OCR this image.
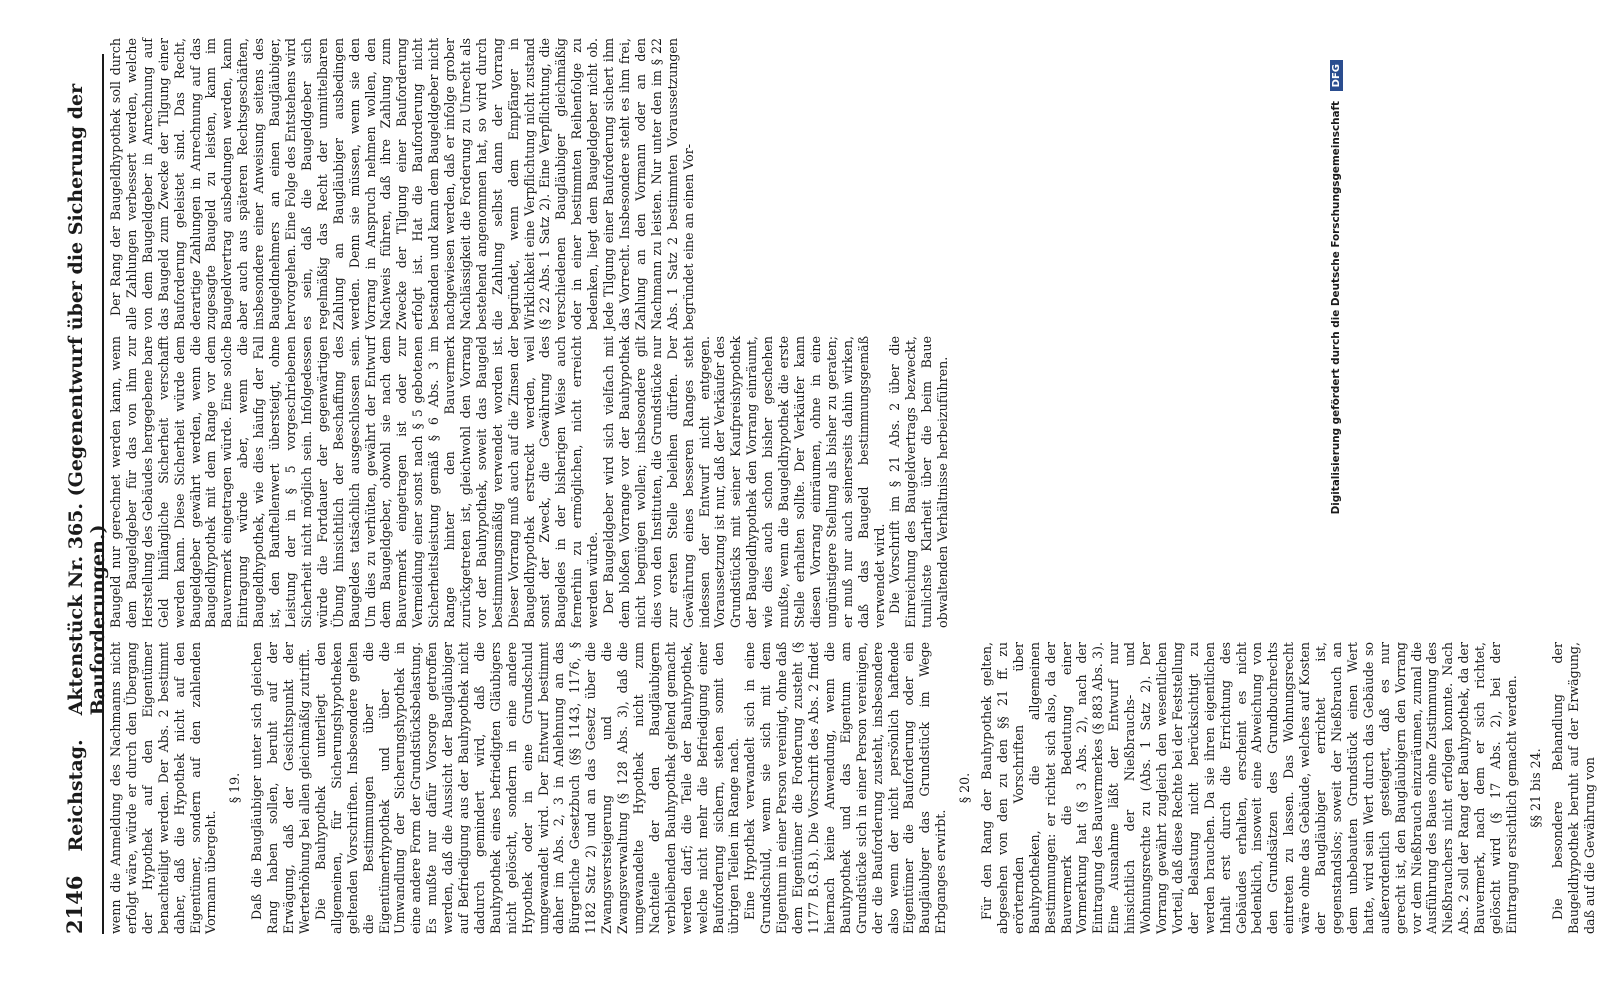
2146
Reichstag.
Aktenstück Nr. 365. (Gegenentwurf über die Sicherung der Bauforderungen.)

wenn die Anmeldung des Nachmanns nicht erfolgt wäre, würde er durch den Übergang der Hypothek auf den Eigentümer benachteiligt werden. Der Abs. 2 bestimmt daher, daß die Hypothek nicht auf den Eigentümer, sondern auf den zahlenden Vormann übergeht.

§ 19. Daß die Baugläubiger unter sich gleichen Rang haben sollen, beruht auf der Erwägung, daß der Gesichtspunkt der Werterhöhung bei allen gleichmäßig zutrifft. Die Bauhypothek unterliegt den allgemeinen, für Sicherungshypotheken geltenden Vorschriften. Insbesondere gelten die Bestimmungen über die Eigentümerhypothek und über die Umwandlung der Sicherungshypothek in eine andere Form der Grundstücksbelastung. Es mußte nur dafür Vorsorge getroffen werden, daß die Aussicht der Baugläubiger auf Befriedigung aus der Bauhypothek nicht dadurch gemindert wird, daß die Bauhypothek eines befriedigten Gläubigers nicht gelöscht, sondern in eine andere Hypothek oder in eine Grundschuld umgewandelt wird. Der Entwurf bestimmt daher im Abs. 2, 3 in Anlehnung an das Bürgerliche Gesetzbuch (§§ 1143, 1176, § 1182 Satz 2) und an das Gesetz über die Zwangsversteigerung und die Zwangsverwaltung (§ 128 Abs. 3), daß die umgewandelte Hypothek nicht zum Nachteile der den Baugläubigern verbleibenden Bauhypothek geltend gemacht werden darf; die Teile der Bauhypothek, welche nicht mehr die Befriedigung einer Bauforderung sichern, stehen somit den übrigen Teilen im Range nach. Eine Hypothek verwandelt sich in eine Grundschuld, wenn sie sich mit dem Eigentum in einer Person vereinigt, ohne daß dem Eigentümer die Forderung zusteht (§ 1177 B.G.B.). Die Vorschrift des Abs. 2 findet hiernach keine Anwendung, wenn die Bauhypothek und das Eigentum am Grundstücke sich in einer Person vereinigen, der die Bauforderung zusteht, insbesondere also wenn der nicht persönlich haftende Eigentümer die Bauforderung oder ein Baugläubiger das Grundstück im Wege Erbganges erwirbt.

§ 20. Für den Rang der Bauhypothek gelten, abgesehen von den zu den §§ 21 ff. zu erörternden Vorschriften über Bauhypotheken, die allgemeinen Bestimmungen: er richtet sich also, da der Bauvermerk die Bedeutung einer Vormerkung hat (§ 3 Abs. 2), nach der Eintragung des Bauvermerkes (§ 883 Abs. 3). Eine Ausnahme läßt der Entwurf nur hinsichtlich der Nießbrauchs- und Wohnungsrechte zu (Abs. 1 Satz 2). Der Vorrang gewährt zugleich den wesentlichen Vorteil, daß diese Rechte bei der Feststellung der Belastung nicht berücksichtigt zu werden brauchen. Da sie ihren eigentlichen Inhalt erst durch die Errichtung des Gebäudes erhalten, erscheint es nicht bedenklich, insoweit eine Abweichung von den Grundsätzen des Grundbuchrechts eintreten zu lassen. Das Wohnungsrecht wäre ohne das Gebäude, welches auf Kosten der Baugläubiger errichtet ist, gegenstandslos; soweit der Nießbrauch an dem unbebauten Grundstück einen Wert hatte, wird sein Wert durch das Gebäude so außerordentlich gesteigert, daß es nur gerecht ist, den Baugläubigern den Vorrang vor dem Nießbrauch einzuräumen, zumal die Ausführung des Baues ohne Zustimmung des Nießbrauchers nicht erfolgen konnte. Nach Abs. 2 soll der Rang der Bauhypothek, da der Bauvermerk, nach dem er sich richtet, gelöscht wird (§ 17 Abs. 2), bei der Eintragung ersichtlich gemacht werden. §§ 21 bis 24. Die besondere Behandlung der Baugeldhypothek beruht auf der Erwägung, daß auf die Gewährung von

Baugeld nur gerechnet werden kann, wenn dem Baugeldgeber für das von ihm zur Herstellung des Gebäudes hergegebene bare Geld hinlängliche Sicherheit verschafft werden kann. Diese Sicherheit würde dem Baugeldgeber gewährt werden, wenn die Baugeldhypothek mit dem Range vor dem Bauvermerk eingetragen würde. Eine solche Eintragung würde aber, wenn die Baugeldhypothek, wie dies häufig der Fall ist, den Bauftellenwert übersteigt, ohne Leistung der in § 5 vorgeschriebenen Sicherheit nicht möglich sein. Infolgedessen würde die Fortdauer der gegenwärtigen Übung hinsichtlich der Beschaffung des Baugeldes tatsächlich ausgeschlossen sein. Um dies zu verhüten, gewährt der Entwurf dem Baugeldgeber, obwohl sie nach dem Bauvermerk eingetragen ist oder zur Vermeidung einer sonst nach § 5 gebotenen Sicherheitsleistung gemäß § 6 Abs. 3 im Range hinter den Bauvermerk zurückgetreten ist, gleichwohl den Vorrang vor der Bauhypothek, soweit das Baugeld bestimmungsmäßig verwendet worden ist. Dieser Vorrang muß auch auf die Zinsen der Baugeldhypothek erstreckt werden, weil sonst der Zweck, die Gewährung des Baugeldes in der bisherigen Weise auch fernerhin zu ermöglichen, nicht erreicht werden würde. Der Baugeldgeber wird sich vielfach mit dem bloßen Vorrange vor der Bauhypothek nicht begnügen wollen; insbesondere gilt dies von den Instituten, die Grundstücke nur zur ersten Stelle beleihen dürfen. Der Gewährung eines besseren Ranges steht indessen der Entwurf nicht entgegen. Voraussetzung ist nur, daß der Verkäufer des Grundstücks mit seiner Kaufpreishypothek der Baugeldhypothek den Vorrang einräumt, wie dies auch schon bisher geschehen mußte, wenn die Baugeldhypothek die erste Stelle erhalten sollte. Der Verkäufer kann diesen Vorrang einräumen, ohne in eine ungünstigere Stellung als bisher zu geraten; er muß nur auch seinerseits dahin wirken, daß das Baugeld bestimmungsgemäß verwendet wird. Die Vorschrift im § 21 Abs. 2 über die Einreichung des Baugeldvertrags bezweckt, tunlichste Klarheit über die beim Baue obwaltenden Verhältnisse herbeizuführen.

Der Rang der Baugeldhypothek soll durch alle Zahlungen verbessert werden, welche von dem Baugeldgeber in Anrechnung auf das Baugeld zum Zwecke der Tilgung einer Bauforderung geleistet sind. Das Recht, derartige Zahlungen in Anrechnung auf das zugesagte Baugeld zu leisten, kann im Baugeldvertrag ausbedungen werden, kann aber auch aus späteren Rechtsgeschäften, insbesondere einer Anweisung seitens des Baugeldnehmers an einen Baugläubiger, hervorgehen. Eine Folge des Entstehens wird es sein, daß die Baugeldgeber sich regelmäßig das Recht der unmittelbaren Zahlung an Baugläubiger ausbedingen werden. Denn sie müssen, wenn sie den Vorrang in Anspruch nehmen wollen, den Nachweis führen, daß ihre Zahlung zum Zwecke der Tilgung einer Bauforderung erfolgt ist. Hat die Bauforderung nicht bestanden und kann dem Baugeldgeber nicht nachgewiesen werden, daß er infolge grober Nachlässigkeit die Forderung zu Unrecht als bestehend angenommen hat, so wird durch die Zahlung selbst dann der Vorrang begründet, wenn dem Empfänger in Wirklichkeit eine Verpflichtung nicht zustand (§ 22 Abs. 1 Satz 2). Eine Verpflichtung, die verschiedenen Baugläubiger gleichmäßig oder in einer bestimmten Reihenfolge zu bedenken, liegt dem Baugeldgeber nicht ob. Jede Tilgung einer Bauforderung sichert ihm das Vorrecht. Insbesondere steht es ihm frei, Zahlung an den Vormann oder an den Nachmann zu leisten. Nur unter den im § 22 Abs. 1 Satz 2 bestimmten Voraussetzungen begründet eine an einen Vor-	Digitalisierung gefördert durch die Deutsche Forschungsgemeinschaft DFG
